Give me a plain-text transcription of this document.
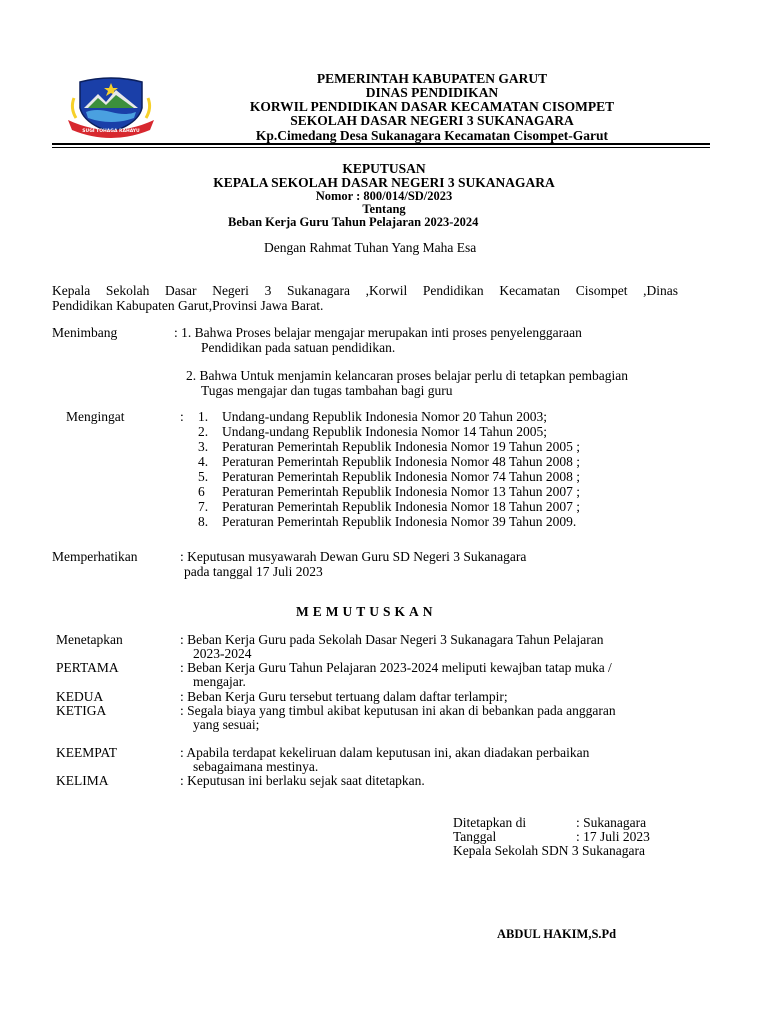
SUGI TOHAGA RAHAYU
PEMERINTAH KABUPATEN GARUT
DINAS PENDIDIKAN
KORWIL PENDIDIKAN DASAR KECAMATAN CISOMPET
SEKOLAH DASAR NEGERI 3 SUKANAGARA
Kp.Cimedang Desa Sukanagara Kecamatan Cisompet-Garut
KEPUTUSAN
KEPALA SEKOLAH DASAR NEGERI 3 SUKANAGARA
Nomor : 800/014/SD/2023
Tentang
Beban Kerja Guru Tahun Pelajaran 2023-2024
Dengan Rahmat Tuhan Yang Maha Esa
Kepala Sekolah Dasar Negeri 3 Sukanagara ,Korwil Pendidikan Kecamatan Cisompet ,Dinas
Pendidikan Kabupaten Garut,Provinsi Jawa Barat.
Menimbang	: 1. Bahwa Proses belajar mengajar merupakan inti proses penyelenggaraan
Pendidikan pada satuan pendidikan.
2. Bahwa Untuk menjamin kelancaran proses belajar perlu di tetapkan pembagian
Tugas mengajar dan tugas tambahan bagi guru
Mengingat	: 1.	Undang-undang Republik Indonesia Nomor 20 Tahun 2003;
2.	Undang-undang Republik Indonesia Nomor 14 Tahun 2005;
3.	Peraturan Pemerintah Republik Indonesia Nomor 19 Tahun 2005 ;
4.	Peraturan Pemerintah Republik Indonesia Nomor 48 Tahun 2008 ;
5.	Peraturan Pemerintah Republik Indonesia Nomor 74 Tahun 2008 ;
6	Peraturan Pemerintah Republik Indonesia Nomor 13 Tahun 2007 ;
7.	Peraturan Pemerintah Republik Indonesia Nomor 18 Tahun 2007 ;
8.	Peraturan Pemerintah Republik Indonesia Nomor 39 Tahun 2009.
Memperhatikan	: Keputusan musyawarah Dewan Guru SD Negeri 3 Sukanagara
pada tanggal 17 Juli 2023
MEMUTUSKAN
Menetapkan	: Beban Kerja Guru pada Sekolah Dasar Negeri 3 Sukanagara Tahun Pelajaran
2023-2024
PERTAMA	: Beban Kerja Guru Tahun Pelajaran 2023-2024 meliputi kewajban tatap muka /
mengajar.
KEDUA	: Beban Kerja Guru tersebut tertuang dalam daftar terlampir;
KETIGA	: Segala biaya yang timbul akibat keputusan ini akan di bebankan pada anggaran
yang sesuai;
KEEMPAT	: Apabila terdapat kekeliruan dalam keputusan ini, akan diadakan perbaikan
sebagaimana mestinya.
KELIMA	: Keputusan ini berlaku sejak saat ditetapkan.
Ditetapkan di	: Sukanagara
Tanggal	: 17 Juli 2023
Kepala Sekolah SDN 3 Sukanagara
ABDUL HAKIM,S.Pd
